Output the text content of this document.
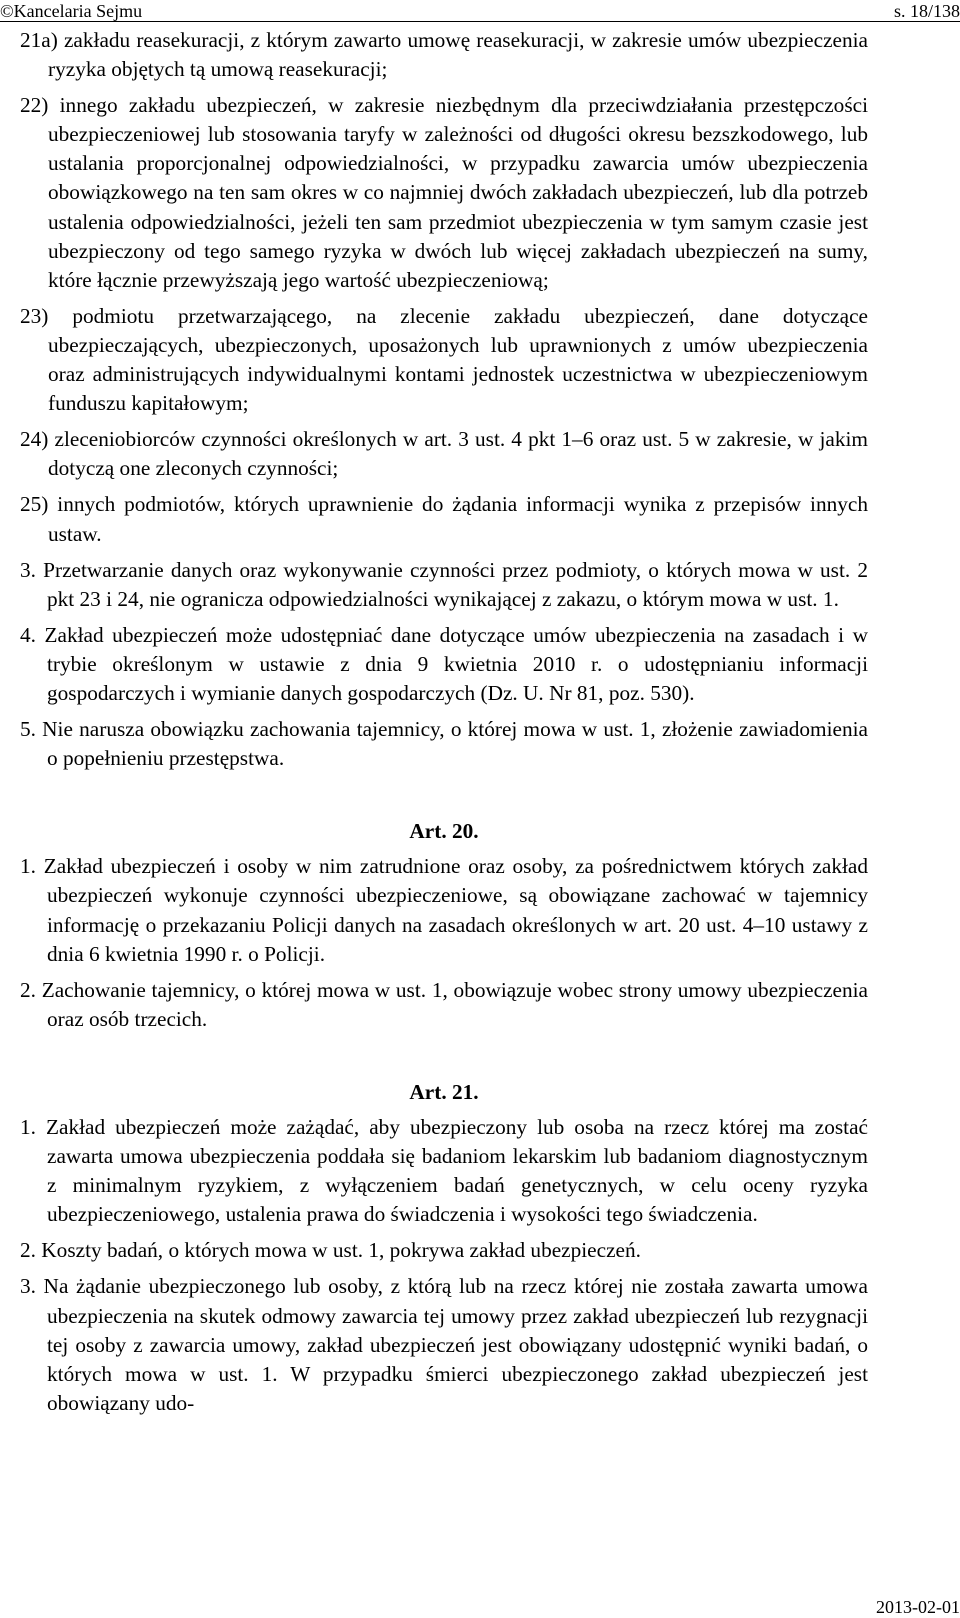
©Kancelaria Sejmu	s. 18/138

21a) zakładu reasekuracji, z którym zawarto umowę reasekuracji, w zakresie umów ubezpieczenia ryzyka objętych tą umową reasekuracji;

22) innego zakładu ubezpieczeń, w zakresie niezbędnym dla przeciwdziałania przestępczości ubezpieczeniowej lub stosowania taryfy w zależności od długości okresu bezszkodowego, lub ustalania proporcjonalnej odpowiedzialności, w przypadku zawarcia umów ubezpieczenia obowiązkowego na ten sam okres w co najmniej dwóch zakładach ubezpieczeń, lub dla potrzeb ustalenia odpowiedzialności, jeżeli ten sam przedmiot ubezpieczenia w tym samym czasie jest ubezpieczony od tego samego ryzyka w dwóch lub więcej zakładach ubezpieczeń na sumy, które łącznie przewyższają jego wartość ubezpieczeniową;

23) podmiotu przetwarzającego, na zlecenie zakładu ubezpieczeń, dane dotyczące ubezpieczających, ubezpieczonych, uposażonych lub uprawnionych z umów ubezpieczenia oraz administrujących indywidualnymi kontami jednostek uczestnictwa w ubezpieczeniowym funduszu kapitałowym;

24) zleceniobiorców czynności określonych w art. 3 ust. 4 pkt 1–6 oraz ust. 5 w zakresie, w jakim dotyczą one zleconych czynności;

25) innych podmiotów, których uprawnienie do żądania informacji wynika z przepisów innych ustaw.

3. Przetwarzanie danych oraz wykonywanie czynności przez podmioty, o których mowa w ust. 2 pkt 23 i 24, nie ogranicza odpowiedzialności wynikającej z zakazu, o którym mowa w ust. 1.

4. Zakład ubezpieczeń może udostępniać dane dotyczące umów ubezpieczenia na zasadach i w trybie określonym w ustawie z dnia 9 kwietnia 2010 r. o udostępnianiu informacji gospodarczych i wymianie danych gospodarczych (Dz. U. Nr 81, poz. 530).

5. Nie narusza obowiązku zachowania tajemnicy, o której mowa w ust. 1, złożenie zawiadomienia o popełnieniu przestępstwa.

Art. 20.

1. Zakład ubezpieczeń i osoby w nim zatrudnione oraz osoby, za pośrednictwem których zakład ubezpieczeń wykonuje czynności ubezpieczeniowe, są obowiązane zachować w tajemnicy informację o przekazaniu Policji danych na zasadach określonych w art. 20 ust. 4–10 ustawy z dnia 6 kwietnia 1990 r. o Policji.

2. Zachowanie tajemnicy, o której mowa w ust. 1, obowiązuje wobec strony umowy ubezpieczenia oraz osób trzecich.

Art. 21.

1. Zakład ubezpieczeń może zażądać, aby ubezpieczony lub osoba na rzecz której ma zostać zawarta umowa ubezpieczenia poddała się badaniom lekarskim lub badaniom diagnostycznym z minimalnym ryzykiem, z wyłączeniem badań genetycznych, w celu oceny ryzyka ubezpieczeniowego, ustalenia prawa do świadczenia i wysokości tego świadczenia.

2. Koszty badań, o których mowa w ust. 1, pokrywa zakład ubezpieczeń.

3. Na żądanie ubezpieczonego lub osoby, z którą lub na rzecz której nie została zawarta umowa ubezpieczenia na skutek odmowy zawarcia tej umowy przez zakład ubezpieczeń lub rezygnacji tej osoby z zawarcia umowy, zakład ubezpieczeń jest obowiązany udostępnić wyniki badań, o których mowa w ust. 1. W przypadku śmierci ubezpieczonego zakład ubezpieczeń jest obowiązany udo-

2013-02-01
